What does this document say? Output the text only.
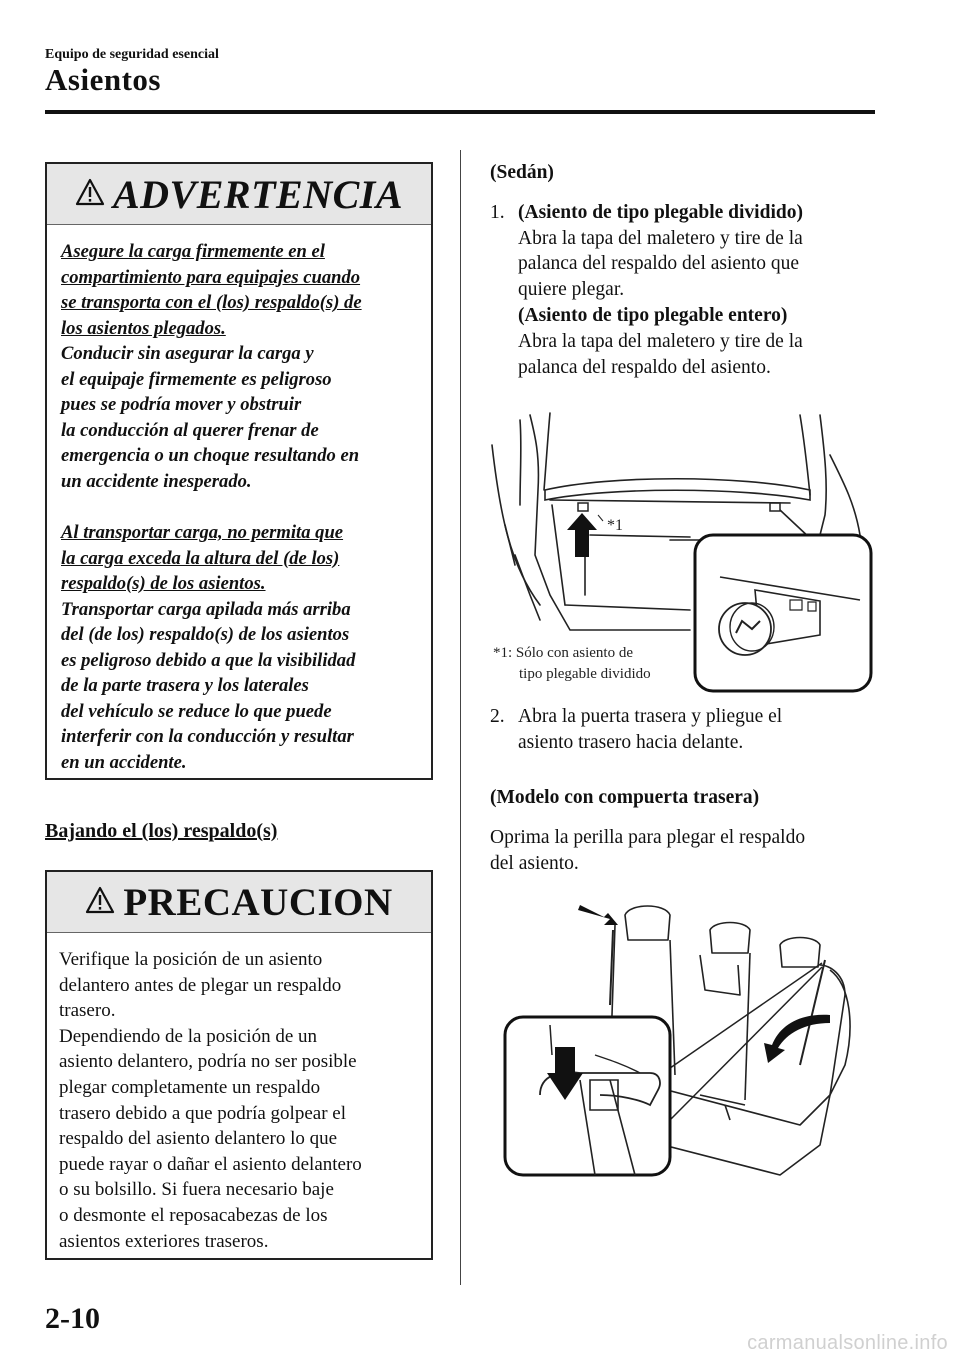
Equipo de seguridad esencial
Asientos
ADVERTENCIA

Asegure la carga firmemente en el

compartimiento para equipajes cuando

se transporta con el (los) respaldo(s) de

los asientos plegados.

Conducir sin asegurar la carga y

el equipaje firmemente es peligroso

pues se podría mover y obstruir

la conducción al querer frenar de

emergencia o un choque resultando en

un accidente inesperado.

Al transportar carga, no permita que

la carga exceda la altura del (de los)

respaldo(s) de los asientos.

Transportar carga apilada más arriba

del (de los) respaldo(s) de los asientos

es peligroso debido a que la visibilidad

de la parte trasera y los laterales

del vehículo se reduce lo que puede

interferir con la conducción y resultar

en un accidente.

Bajando el (los) respaldo(s)
PRECAUCION
Verifique la posición de un asiento
delantero antes de plegar un respaldo
trasero.
Dependiendo de la posición de un
asiento delantero, podría no ser posible
plegar completamente un respaldo
trasero debido a que podría golpear el
respaldo del asiento delantero lo que
puede rayar o dañar el asiento delantero
o su bolsillo. Si fuera necesario baje
o desmonte el reposacabezas de los
asientos exteriores traseros.
(Sedán)
1. (Asiento de tipo plegable dividido)
Abra la tapa del maletero y tire de la
palanca del respaldo del asiento que
quiere plegar.
(Asiento de tipo plegable entero)
Abra la tapa del maletero y tire de la
palanca del respaldo del asiento.
*1
*1: Sólo con asiento de
tipo plegable dividido
2. Abra la puerta trasera y pliegue el
asiento trasero hacia delante.
(Modelo con compuerta trasera)
Oprima la perilla para plegar el respaldo
del asiento.
2-10
carmanualsonline.info
